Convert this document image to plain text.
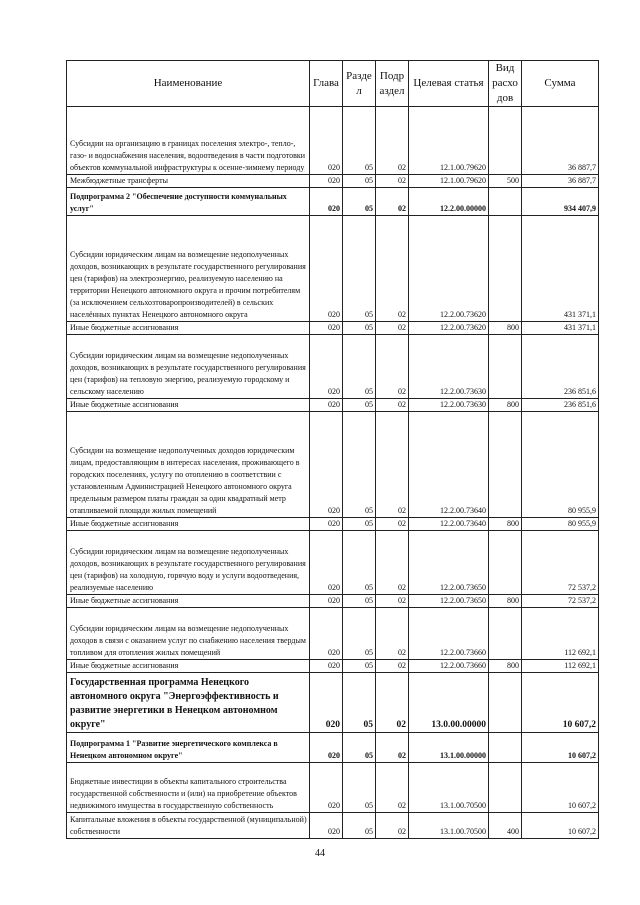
Наименование	Глава	Разде л	Подр аздел	Целевая статья	Вид расхо дов	Сумма
Субсидии на организацию в границах поселения электро-, тепло-, газо- и водоснабжения населения, водоотведения в части подготовки объектов коммунальной инфраструктуры к осенне-зимнему периоду	020	05	02	12.1.00.79620		36 887,7
Межбюджетные трансферты	020	05	02	12.1.00.79620	500	36 887,7
Подпрограмма 2 "Обеспечение доступности коммунальных услуг"	020	05	02	12.2.00.00000		934 407,9
Субсидии юридическим лицам на возмещение недополученных доходов, возникающих в результате государственного регулирования цен (тарифов) на электроэнергию, реализуемую населению на территории Ненецкого автономного округа и прочим потребителям (за исключением сельхозтоваропроизводителей) в сельских населённых пунктах Ненецкого автономного округа	020	05	02	12.2.00.73620		431 371,1
Иные бюджетные ассигнования	020	05	02	12.2.00.73620	800	431 371,1
Субсидии юридическим лицам на возмещение недополученных доходов, возникающих в результате государственного регулирования цен (тарифов) на тепловую энергию, реализуемую городскому и сельскому населению	020	05	02	12.2.00.73630		236 851,6
Иные бюджетные ассигнования	020	05	02	12.2.00.73630	800	236 851,6
Субсидии на возмещение недополученных доходов юридическим лицам, предоставляющим в интересах населения, проживающего в городских поселениях, услугу по отоплению в соответствии с установленным Администрацией Ненецкого автономного округа предельным размером платы граждан за один квадратный метр отапливаемой площади жилых помещений	020	05	02	12.2.00.73640		80 955,9
Иные бюджетные ассигнования	020	05	02	12.2.00.73640	800	80 955,9
Субсидии юридическим лицам на возмещение недополученных доходов, возникающих в результате государственного регулирования цен (тарифов) на холодную, горячую воду и услуги водоотведения, реализуемые населению	020	05	02	12.2.00.73650		72 537,2
Иные бюджетные ассигнования	020	05	02	12.2.00.73650	800	72 537,2
Субсидии юридическим лицам на возмещение недополученных доходов в связи с оказанием услуг по снабжению населения твердым топливом для отопления жилых помещений	020	05	02	12.2.00.73660		112 692,1
Иные бюджетные ассигнования	020	05	02	12.2.00.73660	800	112 692,1
Государственная программа Ненецкого автономного округа "Энергоэффективность и развитие энергетики в Ненецком автономном округе"	020	05	02	13.0.00.00000		10 607,2
Подпрограмма 1 "Развитие энергетического комплекса в Ненецком автономном округе"	020	05	02	13.1.00.00000		10 607,2
Бюджетные инвестиции в объекты капитального строительства государственной собственности и (или) на приобретение объектов недвижимого имущества в государственную собственность	020	05	02	13.1.00.70500		10 607,2
Капитальные вложения в объекты государственной (муниципальной) собственности	020	05	02	13.1.00.70500	400	10 607,2
44
